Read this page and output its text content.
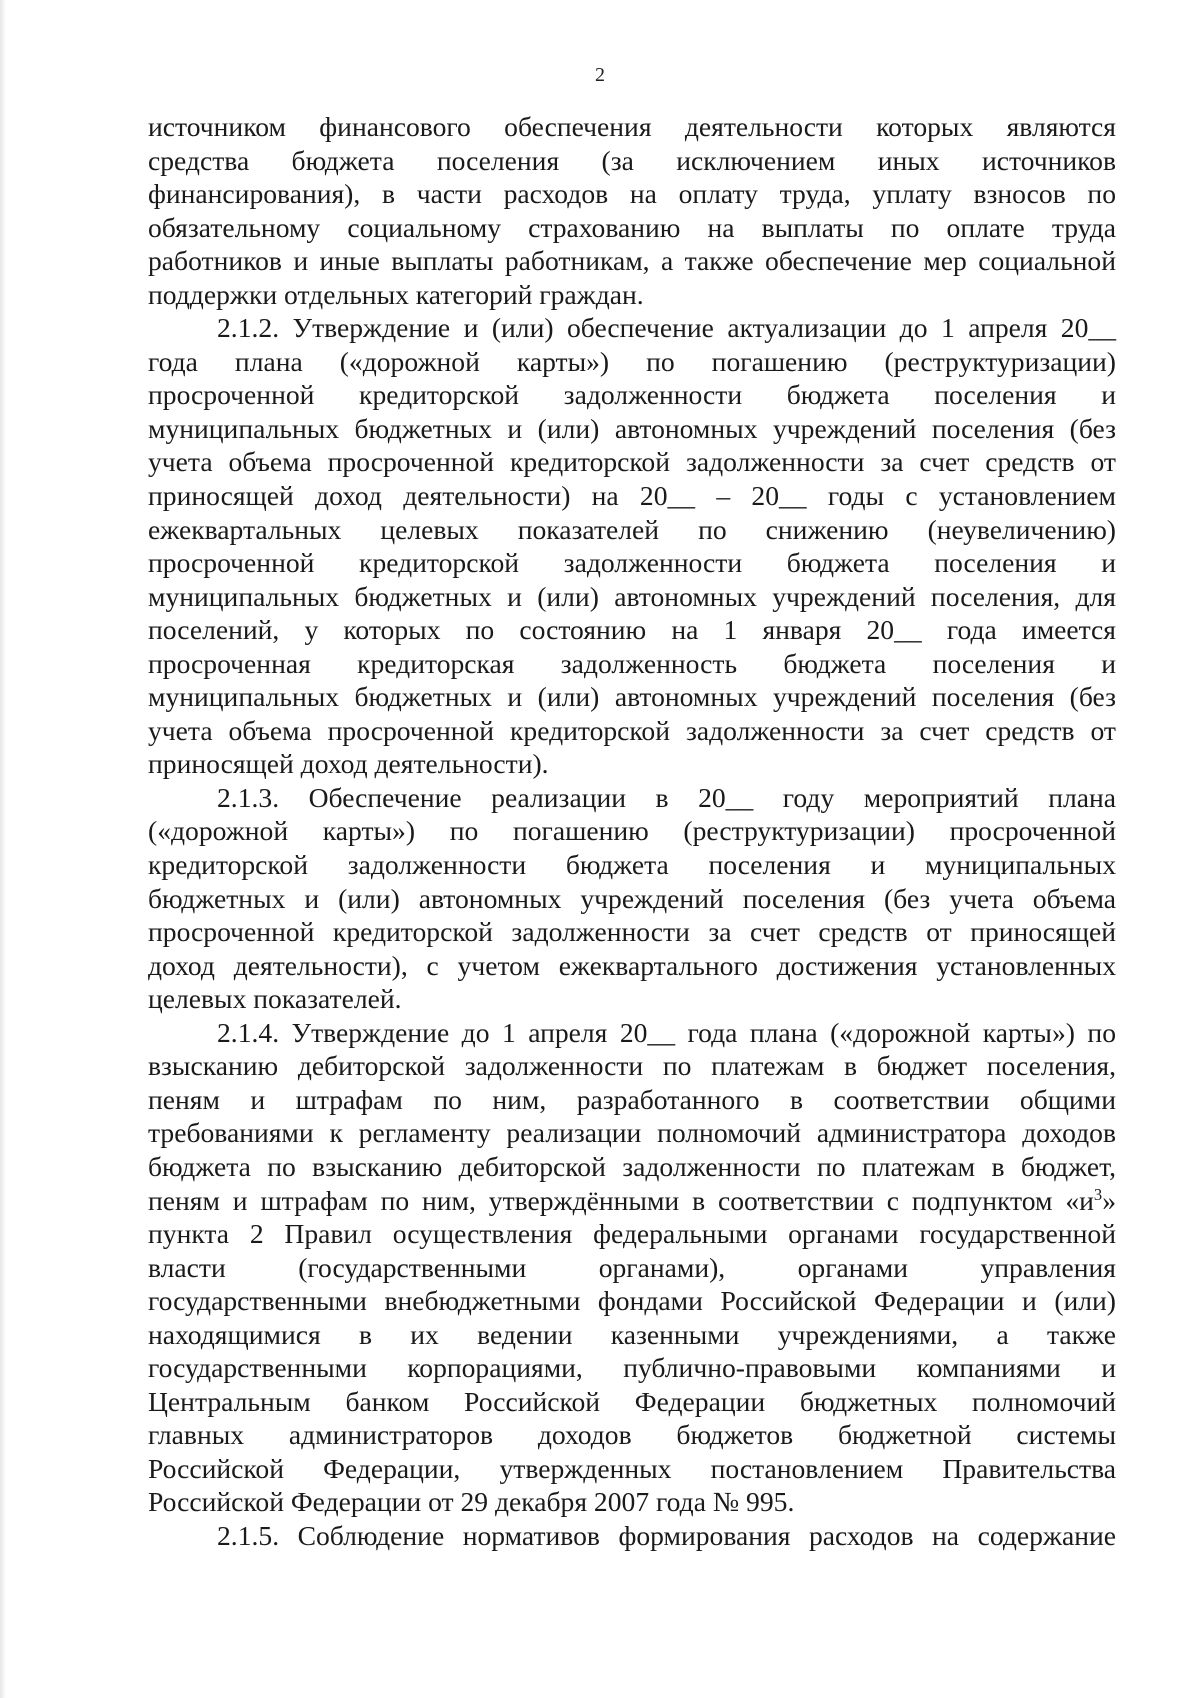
2
источником финансового обеспечения деятельности которых являются
средства бюджета поселения (за исключением иных источников
финансирования), в части расходов на оплату труда, уплату взносов по
обязательному социальному страхованию на выплаты по оплате труда
работников и иные выплаты работникам, а также обеспечение мер социальной
поддержки отдельных категорий граждан.
2.1.2. Утверждение и (или) обеспечение актуализации до 1 апреля 20__
года плана («дорожной карты») по погашению (реструктуризации)
просроченной кредиторской задолженности бюджета поселения и
муниципальных бюджетных и (или) автономных учреждений поселения (без
учета объема просроченной кредиторской задолженности за счет средств от
приносящей доход деятельности) на 20__ – 20__ годы с установлением
ежеквартальных целевых показателей по снижению (неувеличению)
просроченной кредиторской задолженности бюджета поселения и
муниципальных бюджетных и (или) автономных учреждений поселения, для
поселений, у которых по состоянию на 1 января 20__ года имеется
просроченная кредиторская задолженность бюджета поселения и
муниципальных бюджетных и (или) автономных учреждений поселения (без
учета объема просроченной кредиторской задолженности за счет средств от
приносящей доход деятельности).
2.1.3. Обеспечение реализации в 20__ году мероприятий плана
(«дорожной карты») по погашению (реструктуризации) просроченной
кредиторской задолженности бюджета поселения и муниципальных
бюджетных и (или) автономных учреждений поселения (без учета объема
просроченной кредиторской задолженности за счет средств от приносящей
доход деятельности), с учетом ежеквартального достижения установленных
целевых показателей.
2.1.4. Утверждение до 1 апреля 20__ года плана («дорожной карты») по
взысканию дебиторской задолженности по платежам в бюджет поселения,
пеням и штрафам по ним, разработанного в соответствии общими
требованиями к регламенту реализации полномочий администратора доходов
бюджета по взысканию дебиторской задолженности по платежам в бюджет,
пеням и штрафам по ним, утверждёнными в соответствии с подпунктом «$и^3$»
пункта 2 Правил осуществления федеральными органами государственной
власти (государственными органами), органами управления
государственными внебюджетными фондами Российской Федерации и (или)
находящимися в их ведении казенными учреждениями, а также
государственными корпорациями, публично-правовыми компаниями и
Центральным банком Российской Федерации бюджетных полномочий
главных администраторов доходов бюджетов бюджетной системы
Российской Федерации, утвержденных постановлением Правительства
Российской Федерации от 29 декабря 2007 года № 995.
2.1.5. Соблюдение нормативов формирования расходов на содержание
